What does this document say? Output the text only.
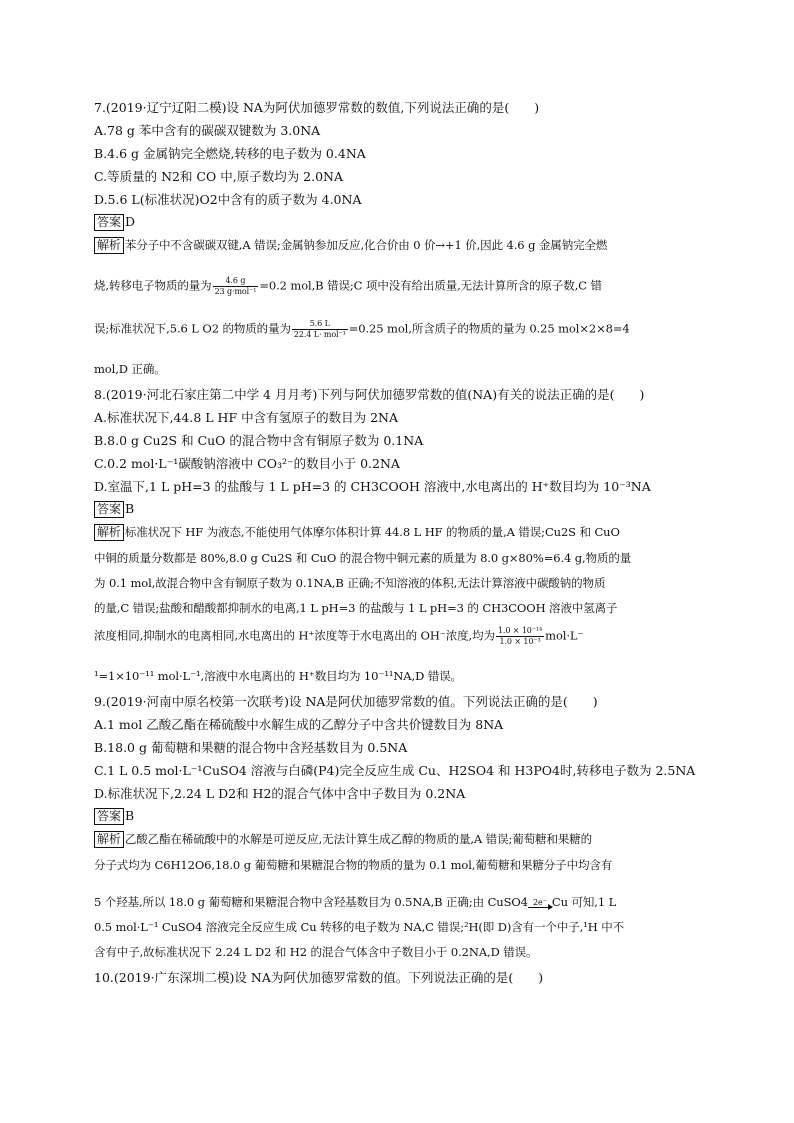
7.(2019·辽宁辽阳二模)设 NA为阿伏加德罗常数的数值,下列说法正确的是(　　)
A.78 g 苯中含有的碳碳双键数为 3.0NA
B.4.6 g 金属钠完全燃烧,转移的电子数为 0.4NA
C.等质量的 N2和 CO 中,原子数均为 2.0NA
D.5.6 L(标准状况)O2中含有的质子数为 4.0NA
答案 D
解析 苯分子中不含碳碳双键,A 错误;金属钠参加反应,化合价由 0 价→+1 价,因此 4.6 g 金属钠完全燃
烧,转移电子物质的量为 $\frac{4.6 g}{\text{23 g·mol⁻¹}} =0.2$ mol,B 错误;C 项中没有给出质量,无法计算所含的原子数,C 错
误;标准状况下,5.6 L O2 的物质的量为 $\frac{5.6 L}{\text{22.4 L· mol⁻¹}} =0.25$ mol,所含质子的物质的量为 0.25 mol×2×8=4
mol,D 正确。
8.(2019·河北石家庄第二中学 4 月月考)下列与阿伏加德罗常数的值(NA)有关的说法正确的是(　　)
A.标准状况下,44.8 L HF 中含有氢原子的数目为 2NA
B.8.0 g Cu2S 和 CuO 的混合物中含有铜原子数为 0.1NA
C.0.2 mol·L⁻¹碳酸钠溶液中 CO₃²⁻的数目小于 0.2NA
D.室温下,1 L pH=3 的盐酸与 1 L pH=3 的 CH3COOH 溶液中,水电离出的 H⁺数目均为 10⁻³NA
答案 B
解析 标准状况下 HF 为液态,不能使用气体摩尔体积计算 44.8 L HF 的物质的量,A 错误;Cu2S 和 CuO
中铜的质量分数都是 80%,8.0 g Cu2S 和 CuO 的混合物中铜元素的质量为 8.0 g×80%=6.4 g,物质的量
为 0.1 mol,故混合物中含有铜原子数为 0.1NA,B 正确;不知溶液的体积,无法计算溶液中碳酸钠的物质
的量,C 错误;盐酸和醋酸都抑制水的电离,1 L pH=3 的盐酸与 1 L pH=3 的 CH3COOH 溶液中氢离子
浓度相同,抑制水的电离相同,水电离出的 H⁺浓度等于水电离出的 OH⁻浓度,均为 $\frac{\text{1.0 × 10⁻¹⁴}}{\text{1.0 × 10⁻³}} mol\cdot L^-$
¹=1×10⁻¹¹ mol·L⁻¹,溶液中水电离出的 H⁺数目均为 10⁻¹¹NA,D 错误。
9.(2019·河南中原名校第一次联考)设 NA是阿伏加德罗常数的值。下列说法正确的是(　　)
A.1 mol 乙酸乙酯在稀硫酸中水解生成的乙醇分子中含共价键数目为 8NA
B.18.0 g 葡萄糖和果糖的混合物中含羟基数目为 0.5NA
C.1 L 0.5 mol·L⁻¹CuSO4 溶液与白磷(P4)完全反应生成 Cu、H2SO4 和 H3PO4时,转移电子数为 2.5NA
D.标准状况下,2.24 L D2和 H2的混合气体中含中子数目为 0.2NA
答案 B
解析 乙酸乙酯在稀硫酸中的水解是可逆反应,无法计算生成乙醇的物质的量,A 错误;葡萄糖和果糖的
分子式均为 C6H12O6,18.0 g 葡萄糖和果糖混合物的物质的量为 0.1 mol,葡萄糖和果糖分子中均含有
5 个羟基,所以 18.0 g 葡萄糖和果糖混合物中含羟基数目为 0.5NA,B 正确;由 CuSO4 2e⁻ Cu 可知,1 L
0.5 mol·L⁻¹ CuSO4 溶液完全反应生成 Cu 转移的电子数为 NA,C 错误;²H(即 D)含有一个中子,¹H 中不
含有中子,故标准状况下 2.24 L D2 和 H2 的混合气体含中子数目小于 0.2NA,D 错误。
10.(2019·广东深圳二模)设 NA为阿伏加德罗常数的值。下列说法正确的是(　　)
